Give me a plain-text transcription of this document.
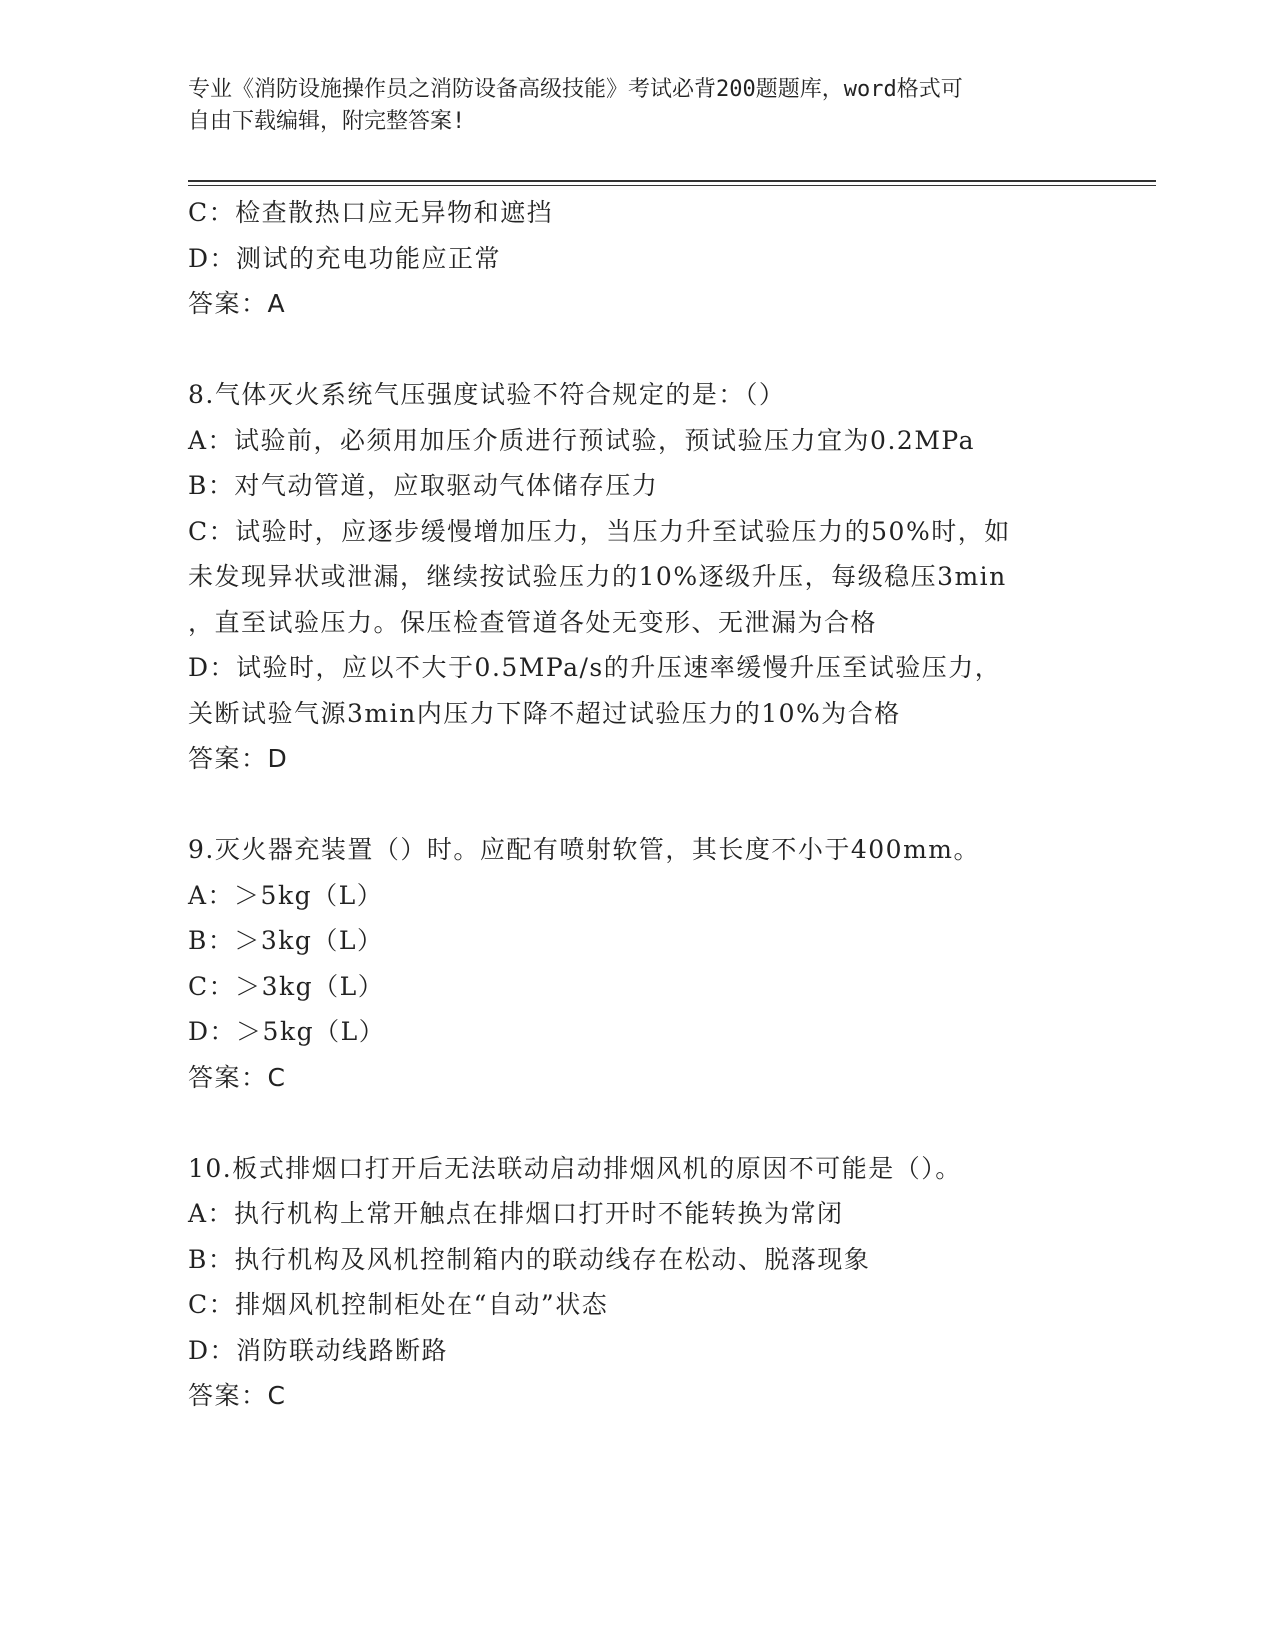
专业《消防设施操作员之消防设备高级技能》考试必背200题题库，word格式可
自由下载编辑，附完整答案!
C：检查散热口应无异物和遮挡
D：测试的充电功能应正常
答案：A
8.气体灭火系统气压强度试验不符合规定的是：（）
A：试验前，必须用加压介质进行预试验，预试验压力宜为0.2MPa
B：对气动管道，应取驱动气体储存压力
C：试验时，应逐步缓慢增加压力，当压力升至试验压力的50%时，如
未发现异状或泄漏，继续按试验压力的10%逐级升压，每级稳压3min
，直至试验压力。保压检查管道各处无变形、无泄漏为合格
D：试验时，应以不大于0.5MPa/s的升压速率缓慢升压至试验压力，
关断试验气源3min内压力下降不超过试验压力的10%为合格
答案：D
9.灭火器充装置（）时。应配有喷射软管，其长度不小于400mm。
A：＞5kg（L）
B：＞3kg（L）
C：＞3kg（L）
D：＞5kg（L）
答案：C
10.板式排烟口打开后无法联动启动排烟风机的原因不可能是（）。
A：执行机构上常开触点在排烟口打开时不能转换为常闭
B：执行机构及风机控制箱内的联动线存在松动、脱落现象
C：排烟风机控制柜处在“自动”状态
D：消防联动线路断路
答案：C
